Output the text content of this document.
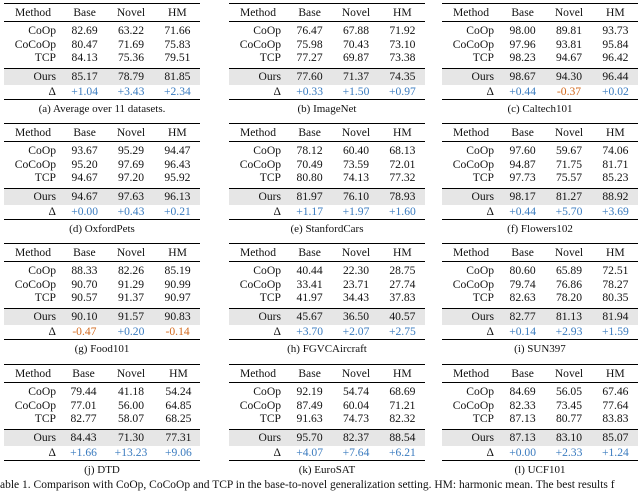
Method	Base	Novel	HM
CoOp	82.69	63.22	71.66
CoCoOp	80.47	71.69	75.83
TCP	84.13	75.36	79.51
Ours	85.17	78.79	81.85
Δ	+1.04	+3.43	+2.34
(a) Average over 11 datasets.
Method	Base	Novel	HM
CoOp	76.47	67.88	71.92
CoCoOp	75.98	70.43	73.10
TCP	77.27	69.87	73.38
Ours	77.60	71.37	74.35
Δ	+0.33	+1.50	+0.97
(b) ImageNet
Method	Base	Novel	HM
CoOp	98.00	89.81	93.73
CoCoOp	97.96	93.81	95.84
TCP	98.23	94.67	96.42
Ours	98.67	94.30	96.44
Δ	+0.44	-0.37	+0.02
(c) Caltech101
Method	Base	Novel	HM
CoOp	93.67	95.29	94.47
CoCoOp	95.20	97.69	96.43
TCP	94.67	97.20	95.92
Ours	94.67	97.63	96.13
Δ	+0.00	+0.43	+0.21
(d) OxfordPets
Method	Base	Novel	HM
CoOp	78.12	60.40	68.13
CoCoOp	70.49	73.59	72.01
TCP	80.80	74.13	77.32
Ours	81.97	76.10	78.93
Δ	+1.17	+1.97	+1.60
(e) StanfordCars
Method	Base	Novel	HM
CoOp	97.60	59.67	74.06
CoCoOp	94.87	71.75	81.71
TCP	97.73	75.57	85.23
Ours	98.17	81.27	88.92
Δ	+0.44	+5.70	+3.69
(f) Flowers102
Method	Base	Novel	HM
CoOp	88.33	82.26	85.19
CoCoOp	90.70	91.29	90.99
TCP	90.57	91.37	90.97
Ours	90.10	91.57	90.83
Δ	-0.47	+0.20	-0.14
(g) Food101
Method	Base	Novel	HM
CoOp	40.44	22.30	28.75
CoCoOp	33.41	23.71	27.74
TCP	41.97	34.43	37.83
Ours	45.67	36.50	40.57
Δ	+3.70	+2.07	+2.75
(h) FGVCAircraft
Method	Base	Novel	HM
CoOp	80.60	65.89	72.51
CoCoOp	79.74	76.86	78.27
TCP	82.63	78.20	80.35
Ours	82.77	81.13	81.94
Δ	+0.14	+2.93	+1.59
(i) SUN397
Method	Base	Novel	HM
CoOp	79.44	41.18	54.24
CoCoOp	77.01	56.00	64.85
TCP	82.77	58.07	68.25
Ours	84.43	71.30	77.31
Δ	+1.66	+13.23	+9.06
(j) DTD
Method	Base	Novel	HM
CoOp	92.19	54.74	68.69
CoCoOp	87.49	60.04	71.21
TCP	91.63	74.73	82.32
Ours	95.70	82.37	88.54
Δ	+4.07	+7.64	+6.21
(k) EuroSAT
Method	Base	Novel	HM
CoOp	84.69	56.05	67.46
CoCoOp	82.33	73.45	77.64
TCP	87.13	80.77	83.83
Ours	87.13	83.10	85.07
Δ	+0.00	+2.33	+1.24
(l) UCF101
able 1. Comparison with CoOp, CoCoOp and TCP in the base-to-novel generalization setting. HM: harmonic mean. The best results f
